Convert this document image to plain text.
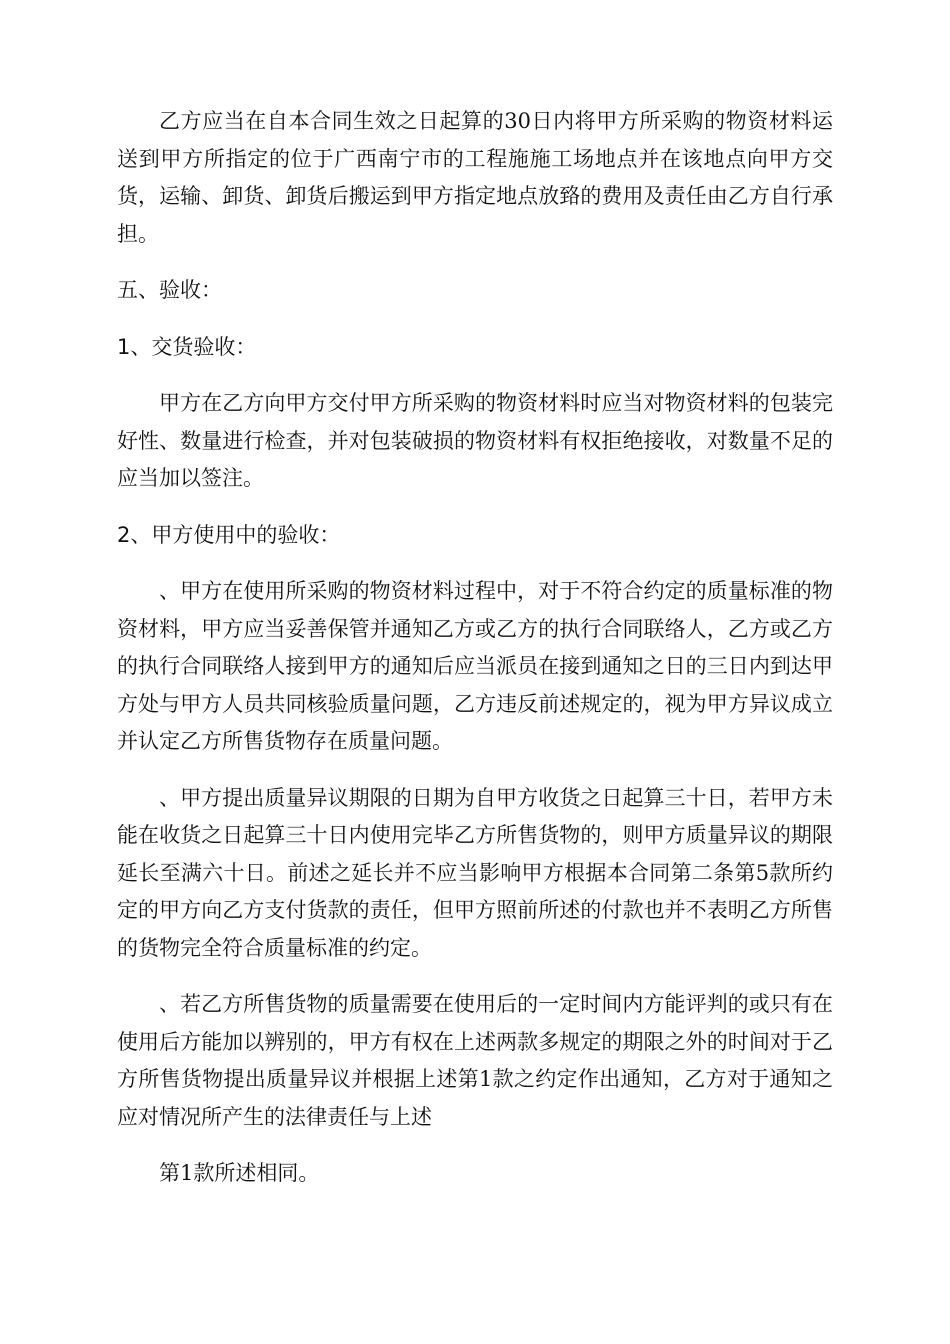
乙方应当在自本合同生效之日起算的30日内将甲方所采购的物资材料运送到甲方所指定的位于广西南宁市的工程施施工场地点并在该地点向甲方交货，运输、卸货、卸货后搬运到甲方指定地点放臵的费用及责任由乙方自行承担。

五、验收：

1、交货验收：

甲方在乙方向甲方交付甲方所采购的物资材料时应当对物资材料的包装完好性、数量进行检查，并对包装破损的物资材料有权拒绝接收，对数量不足的应当加以签注。

2、甲方使用中的验收：

、甲方在使用所采购的物资材料过程中，对于不符合约定的质量标准的物资材料，甲方应当妥善保管并通知乙方或乙方的执行合同联络人，乙方或乙方的执行合同联络人接到甲方的通知后应当派员在接到通知之日的三日内到达甲方处与甲方人员共同核验质量问题，乙方违反前述规定的，视为甲方异议成立并认定乙方所售货物存在质量问题。

、甲方提出质量异议期限的日期为自甲方收货之日起算三十日，若甲方未能在收货之日起算三十日内使用完毕乙方所售货物的，则甲方质量异议的期限延长至满六十日。前述之延长并不应当影响甲方根据本合同第二条第5款所约定的甲方向乙方支付货款的责任，但甲方照前所述的付款也并不表明乙方所售的货物完全符合质量标准的约定。

、若乙方所售货物的质量需要在使用后的一定时间内方能评判的或只有在使用后方能加以辨别的，甲方有权在上述两款多规定的期限之外的时间对于乙方所售货物提出质量异议并根据上述第1款之约定作出通知，乙方对于通知之应对情况所产生的法律责任与上述

第1款所述相同。
